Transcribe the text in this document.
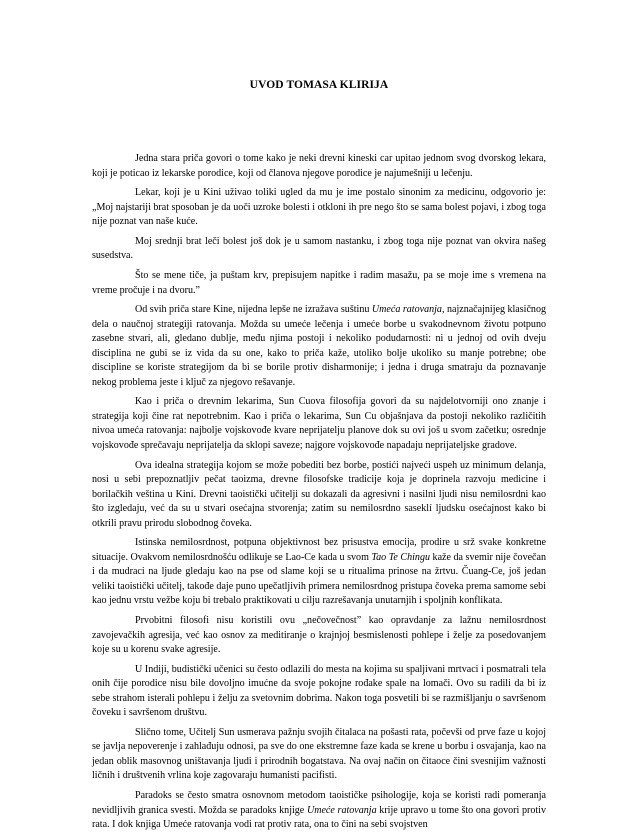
UVOD TOMASA KLIRIJA

Jedna stara priča govori o tome kako je neki drevni kineski car upitao jednom svog dvorskog lekara, koji je poticao iz lekarske porodice, koji od članova njegove porodice je najumešniji u lečenju.

Lekar, koji je u Kini uživao toliki ugled da mu je ime postalo sinonim za medicinu, odgovorio je: „Moj najstariji brat sposoban je da uoči uzroke bolesti i otkloni ih pre nego što se sama bolest pojavi, i zbog toga nije poznat van naše kuće.

Moj srednji brat leči bolest još dok je u samom nastanku, i zbog toga nije poznat van okvira našeg susedstva.

Što se mene tiče, ja puštam krv, prepisujem napitke i radim masažu, pa se moje ime s vremena na vreme pročuje i na dvoru.”

Od svih priča stare Kine, nijedna lepše ne izražava suštinu Umeća ratovanja, najznačajnijeg klasičnog dela o naučnoj strategiji ratovanja. Možda su umeće lečenja i umeće borbe u svakodnevnom životu potpuno zasebne stvari, ali, gledano dublje, među njima postoji i nekoliko podudarnosti: ni u jednoj od ovih dveju disciplina ne gubi se iz vida da su one, kako to priča kaže, utoliko bolje ukoliko su manje potrebne; obe discipline se koriste strategijom da bi se borile protiv disharmonije; i jedna i druga smatraju da poznavanje nekog problema jeste i ključ za njegovo rešavanje.

Kao i priča o drevnim lekarima, Sun Cuova filosofija govori da su najdelotvorniji ono znanje i strategija koji čine rat nepotrebnim. Kao i priča o lekarima, Sun Cu objašnjava da postoji nekoliko različitih nivoa umeća ratovanja: najbolje vojskovođe kvare neprijatelju planove dok su ovi još u svom začetku; osrednje vojskovođe sprečavaju neprijatelja da sklopi saveze; najgore vojskovođe napadaju neprijateljske gradove.

Ova idealna strategija kojom se može pobediti bez borbe, postići najveći uspeh uz minimum delanja, nosi u sebi prepoznatljiv pečat taoizma, drevne filosofske tradicije koja je doprinela razvoju medicine i borilačkih veština u Kini. Drevni taoistički učitelji su dokazali da agresivni i nasilni ljudi nisu nemilosrdni kao što izgledaju, već da su u stvari osećajna stvorenja; zatim su nemilosrdno saseklí ljudsku osećajnost kako bi otkrili pravu prirodu slobodnog čoveka.

Istinska nemilosrdnost, potpuna objektivnost bez prisustva emocija, prodire u srž svake konkretne situacije. Ovakvom nemilosrdnošću odlikuje se Lao-Ce kada u svom Tao Te Chingu kaže da svemir nije čovečan i da mudraci na ljude gledaju kao na pse od slame koji se u ritualima prinose na žrtvu. Čuang-Ce, još jedan veliki taoistički učitelj, takođe daje puno upečatljivih primera nemilosrdnog pristupa čoveka prema samome sebi kao jednu vrstu vežbe koju bi trebalo praktikovati u cilju razrešavanja unutarnjih i spoljnih konflikata.

Prvobitni filosofi nisu koristili ovu „nečovečnost” kao opravdanje za lažnu nemilosrdnost zavojevačkih agresija, već kao osnov za meditiranje o krajnjoj besmislenosti pohlepe i želje za posedovanjem koje su u korenu svake agresije.

U Indiji, budistički učenici su često odlazili do mesta na kojima su spaljivani mrtvaci i posmatrali tela onih čije porodice nisu bile dovoljno imućne da svoje pokojne rođake spale na lomači. Ovo su radili da bi iz sebe strahom isterali pohlepu i želju za svetovnim dobrima. Nakon toga posvetili bi se razmišljanju o savršenom čoveku i savršenom društvu.

Slično tome, Učitelj Sun usmerava pažnju svojih čitalaca na pošasti rata, počevši od prve faze u kojoj se javlja nepoverenje i zahlađuju odnosi, pa sve do one ekstremne faze kada se krene u borbu i osvajanja, kao na jedan oblik masovnog uništavanja ljudi i prirodnih bogatstava. Na ovaj način on čitaoce čini svesnijim važnosti ličnih i društvenih vrlina koje zagovaraju humanisti pacifisti.

Paradoks se često smatra osnovnom metodom taoističke psihologije, koja se koristi radi pomeranja nevidljivih granica svesti. Možda se paradoks knjige Umeće ratovanja krije upravo u tome što ona govori protiv rata. I dok knjiga Umeće ratovanja vodi rat protiv rata, ona to čini na sebi svojstven
